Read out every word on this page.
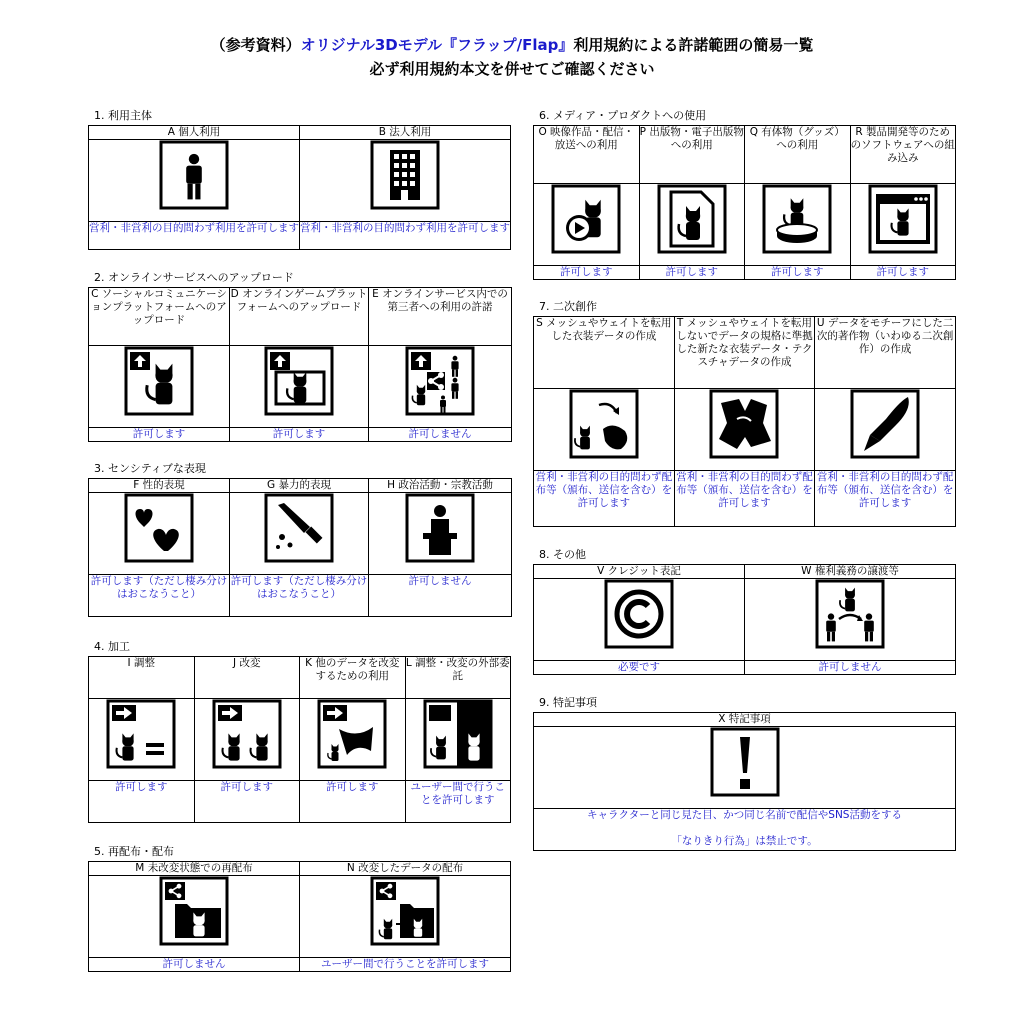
（参考資料）オリジナル3Dモデル『フラップ/Flap』利用規約による許諾範囲の簡易一覧
必ず利用規約本文を併せてご確認ください
1. 利用主体
A 個人利用	B 法人利用

営利・非営利の目的問わず利用を許可します	営利・非営利の目的問わず利用を許可します
2. オンラインサービスへのアップロード
C ソーシャルコミュニケーションプラットフォームへのアップロード	D オンラインゲームプラットフォームへのアップロード	E オンラインサービス内での第三者への利用の許諾

許可します	許可します	許可しません
3. センシティブな表現
F 性的表現	G 暴力的表現	H 政治活動・宗教活動

許可します（ただし棲み分けはおこなうこと）	許可します（ただし棲み分けはおこなうこと）	許可しません
4. 加工
I 調整	J 改変	K 他のデータを改変するための利用	L 調整・改変の外部委託

許可します	許可します	許可します	ユーザー間で行うことを許可します
5. 再配布・配布
M 未改変状態での再配布	N 改変したデータの配布

許可しません	ユーザー間で行うことを許可します
6. メディア・プロダクトへの使用
O 映像作品・配信・放送への利用	P 出版物・電子出版物への利用	Q 有体物（グッズ）への利用	R 製品開発等のためのソフトウェアへの組み込み

許可します	許可します	許可します	許可します
7. 二次創作
S メッシュやウェイトを転用した衣装データの作成	T メッシュやウェイトを転用しないでデータの規格に準拠した新たな衣装データ・テクスチャデータの作成	U データをモチーフにした二次的著作物（いわゆる二次創作）の作成

営利・非営利の目的問わず配布等（頒布、送信を含む）を許可します	営利・非営利の目的問わず配布等（頒布、送信を含む）を許可します	営利・非営利の目的問わず配布等（頒布、送信を含む）を許可します
8. その他
V クレジット表記	W 権利義務の譲渡等

必要です	許可しません
9. 特記事項
X 特記事項

キャラクターと同じ見た目、かつ同じ名前で配信やSNS活動をする
「なりきり行為」は禁止です。
